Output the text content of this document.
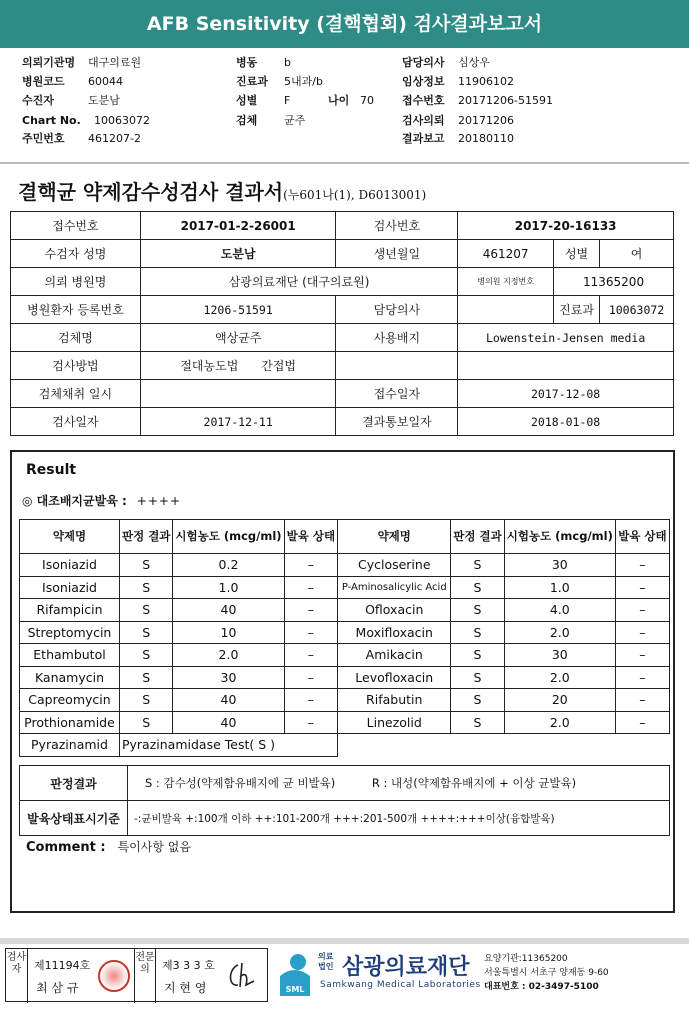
AFB Sensitivity (결핵협회) 검사결과보고서
의뢰기관명 대구의료원
병원코드 60044
수진자	도분남
Chart No. 10063072
주민번호 461207-2
병동 b
진료과 5내과/b
성별 F
검체 균주
나이 70
담당의사 심상우
임상정보 11906102
접수번호 20171206-51591
검사의뢰 20171206
결과보고 20180110
결핵균 약제감수성검사 결과서(누601나(1), D6013001)
접수번호	2017-01-2-26001	검사번호	2017-20-16133		
수검자 성명	도분남	생년월일	461207	성별	여
의뢰 병원명	삼광의료재단 (대구의료원)		병의원 지정번호	11365200	
병원환자 등록번호	1206-51591	담당의사		진료과	10063072
검체명	액상균주	사용배지	Lowenstein-Jensen media		
검사방법	절대농도법 간접법				
검체채취 일시		접수일자	2017-12-08		
검사일자	2017-12-11	결과통보일자	2018-01-08		
Result
◎ 대조배지균발육 : ++++
약제명	판정 결과	시험농도 (mcg/ml)	발육 상태	약제명	판정 결과	시험농도 (mcg/ml)	발육 상태
Isoniazid	S	0.2	–	Cycloserine	S	30	–
Isoniazid	S	1.0	–	P-Aminosalicylic Acid	S	1.0	–
Rifampicin	S	40	–	Ofloxacin	S	4.0	–
Streptomycin	S	10	–	Moxifloxacin	S	2.0	–
Ethambutol	S	2.0	–	Amikacin	S	30	–
Kanamycin	S	30	–	Levofloxacin	S	2.0	–
Capreomycin	S	40	–	Rifabutin	S	20	–
Prothionamide	S	40	–	Linezolid	S	2.0	–
Pyrazinamid	Pyrazinamidase Test( S )						
판정결과	S : 감수성(약제함유배지에 균 비발육) R : 내성(약제함유배지에 + 이상 균발육)
발육상태표시기준	-:균비발육 +:100개 이하 ++:101-200개 +++:201-500개 ++++:+++이상(융합발육)
Comment : 특이사항 없음
검사자	제11194호
최 삼 규
전문의	제3 3 3 호
지 현 영	SML
의료
법인 삼광의료재단
Samkwang Medical Laboratories
요양기관:11365200
서울특별시 서초구 양재동 9-60
대표번호 : 02-3497-5100
